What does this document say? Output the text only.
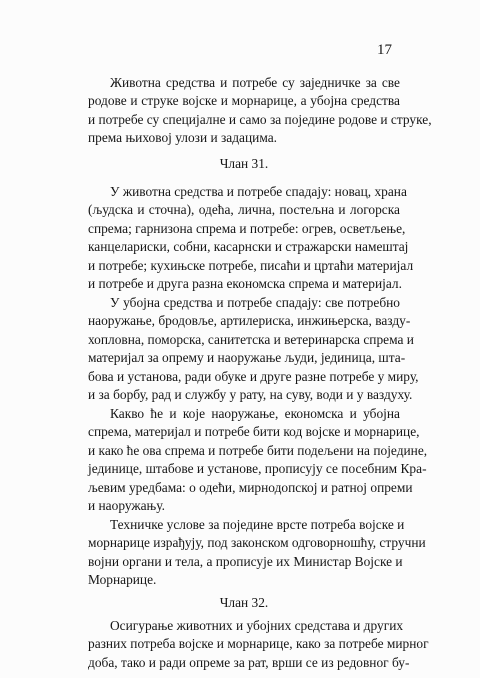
17
Животна средства и потребе су заједничке за све
родове и струке војске и морнарице, а убојна средства
и потребе су специјалне и само за поједине родове и струке,
према њиховој улози и задацима.
Члан 31.
У животна средства и потребе спадају: новац, храна
(људска и сточна), одећа, лична, постељна и логорска
спрема; гарнизона спрема и потребе: огрев, осветљење,
канцелариски, собни, касарнски и стражарски намештај
и потребе; кухињске потребе, писаћи и цртаћи материјал
и потребе и друга разна економска спрема и материјал.
У убојна средства и потребе спадају: све потребно
наоружање, бродовље, артилериска, инжињерска, вазду-
хопловна, поморска, санитетска и ветеринарска спрема и
материјал за опрему и наоружање људи, јединица, шта-
бова и установа, ради обуке и друге разне потребе у миру,
и за борбу, рад и службу у рату, на суву, води и у ваздуху.
Какво ће и које наоружање, економска и убојна
спрема, материјал и потребе бити код војске и морнарице,
и како ће ова спрема и потребе бити подељени на поједине,
јединице, штабове и установе, прописују се посебним Кра-
љевим уредбама: о одећи, мирнодопској и ратној опреми
и наоружању.
Техничке услове за поједине врсте потреба војске и
морнарице израђују, под законском одговорношћу, стручни
војни органи и тела, а прописује их Министар Војске и
Морнарице.
Члан 32.
Осигурање животних и убојних средстава и других
разних потреба војске и морнарице, како за потребе мирног
доба, тако и ради опреме за рат, врши се из редовног бу-
